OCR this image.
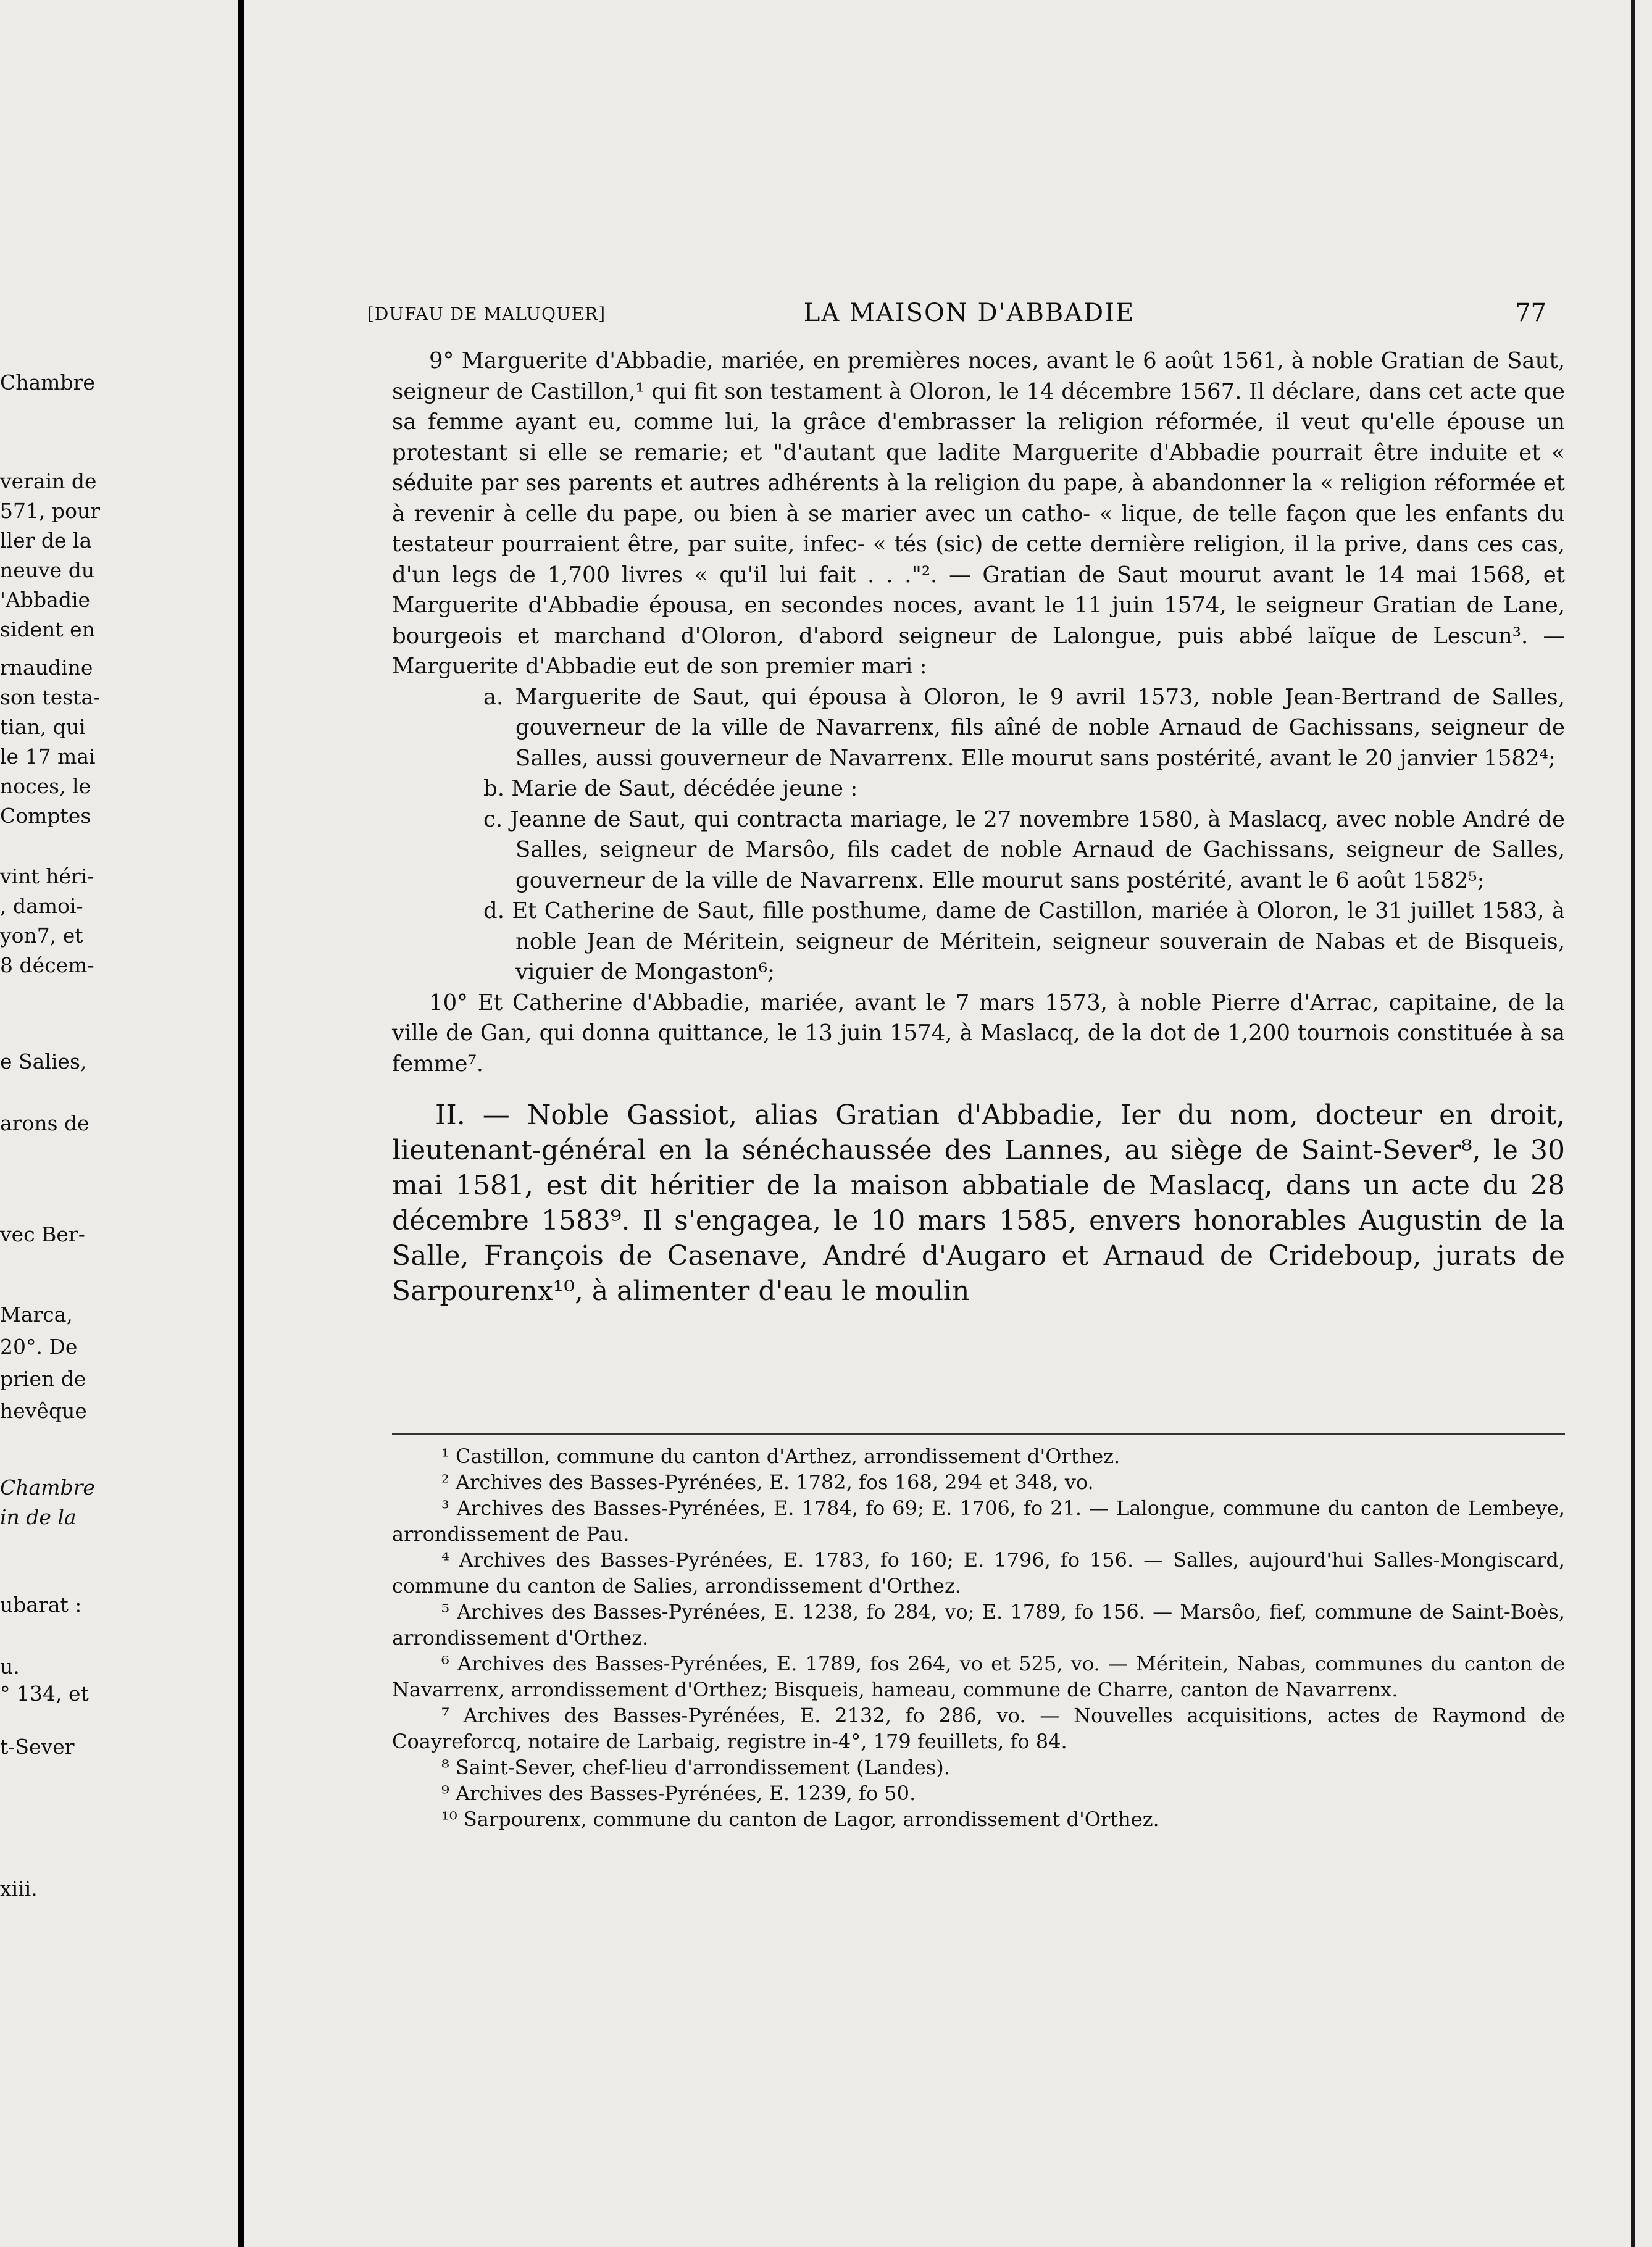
Chambre
verain de
571, pour
ller de la
neuve du
'Abbadie
sident en
rnaudine
son testa-
tian, qui
le 17 mai
noces, le
Comptes
vint héri-
, damoi-
yon7, et
8 décem-
e Salies,
arons de
vec Ber-
Marca,
20°. De
prien de
hevêque
Chambre
in de la
ubarat :
u.
° 134, et
t-Sever
xiii.
[DUFAU DE MALUQUER]	LA MAISON D'ABBADIE	77

9° Marguerite d'Abbadie, mariée, en premières noces, avant le 6 août 1561, à noble Gratian de Saut, seigneur de Castillon,¹ qui fit son testament à Oloron, le 14 décembre 1567. Il déclare, dans cet acte que sa femme ayant eu, comme lui, la grâce d'embrasser la religion réformée, il veut qu'elle épouse un protestant si elle se remarie; et "d'autant que ladite Marguerite d'Abbadie pourrait être induite et « séduite par ses parents et autres adhérents à la religion du pape, à abandonner la « religion réformée et à revenir à celle du pape, ou bien à se marier avec un catho- « lique, de telle façon que les enfants du testateur pourraient être, par suite, infec- « tés (sic) de cette dernière religion, il la prive, dans ces cas, d'un legs de 1,700 livres « qu'il lui fait . . ."². — Gratian de Saut mourut avant le 14 mai 1568, et Marguerite d'Abbadie épousa, en secondes noces, avant le 11 juin 1574, le seigneur Gratian de Lane, bourgeois et marchand d'Oloron, d'abord seigneur de Lalongue, puis abbé laïque de Lescun³. — Marguerite d'Abbadie eut de son premier mari :

a. Marguerite de Saut, qui épousa à Oloron, le 9 avril 1573, noble Jean-Bertrand de Salles, gouverneur de la ville de Navarrenx, fils aîné de noble Arnaud de Gachissans, seigneur de Salles, aussi gouverneur de Navarrenx. Elle mourut sans postérité, avant le 20 janvier 1582⁴;

b. Marie de Saut, décédée jeune :

c. Jeanne de Saut, qui contracta mariage, le 27 novembre 1580, à Maslacq, avec noble André de Salles, seigneur de Marsôo, fils cadet de noble Arnaud de Gachissans, seigneur de Salles, gouverneur de la ville de Navarrenx. Elle mourut sans postérité, avant le 6 août 1582⁵;

d. Et Catherine de Saut, fille posthume, dame de Castillon, mariée à Oloron, le 31 juillet 1583, à noble Jean de Méritein, seigneur de Méritein, seigneur souverain de Nabas et de Bisqueis, viguier de Mongaston⁶;

10° Et Catherine d'Abbadie, mariée, avant le 7 mars 1573, à noble Pierre d'Arrac, capitaine, de la ville de Gan, qui donna quittance, le 13 juin 1574, à Maslacq, de la dot de 1,200 tournois constituée à sa femme⁷.

II. — Noble Gassiot, alias Gratian d'Abbadie, Ier du nom, docteur en droit, lieutenant-général en la sénéchaussée des Lannes, au siège de Saint-Sever⁸, le 30 mai 1581, est dit héritier de la maison abbatiale de Maslacq, dans un acte du 28 décembre 1583⁹. Il s'engagea, le 10 mars 1585, envers honorables Augustin de la Salle, François de Casenave, André d'Augaro et Arnaud de Crideboup, jurats de Sarpourenx¹⁰, à alimenter d'eau le moulin

¹ Castillon, commune du canton d'Arthez, arrondissement d'Orthez.

² Archives des Basses-Pyrénées, E. 1782, fos 168, 294 et 348, vo.

³ Archives des Basses-Pyrénées, E. 1784, fo 69; E. 1706, fo 21. — Lalongue, commune du canton de Lembeye, arrondissement de Pau.

⁴ Archives des Basses-Pyrénées, E. 1783, fo 160; E. 1796, fo 156. — Salles, aujourd'hui Salles-Mongiscard, commune du canton de Salies, arrondissement d'Orthez.

⁵ Archives des Basses-Pyrénées, E. 1238, fo 284, vo; E. 1789, fo 156. — Marsôo, fief, commune de Saint-Boès, arrondissement d'Orthez.

⁶ Archives des Basses-Pyrénées, E. 1789, fos 264, vo et 525, vo. — Méritein, Nabas, communes du canton de Navarrenx, arrondissement d'Orthez; Bisqueis, hameau, commune de Charre, canton de Navarrenx.

⁷ Archives des Basses-Pyrénées, E. 2132, fo 286, vo. — Nouvelles acquisitions, actes de Raymond de Coayreforcq, notaire de Larbaig, registre in-4°, 179 feuillets, fo 84.

⁸ Saint-Sever, chef-lieu d'arrondissement (Landes).

⁹ Archives des Basses-Pyrénées, E. 1239, fo 50.

¹⁰ Sarpourenx, commune du canton de Lagor, arrondissement d'Orthez.
